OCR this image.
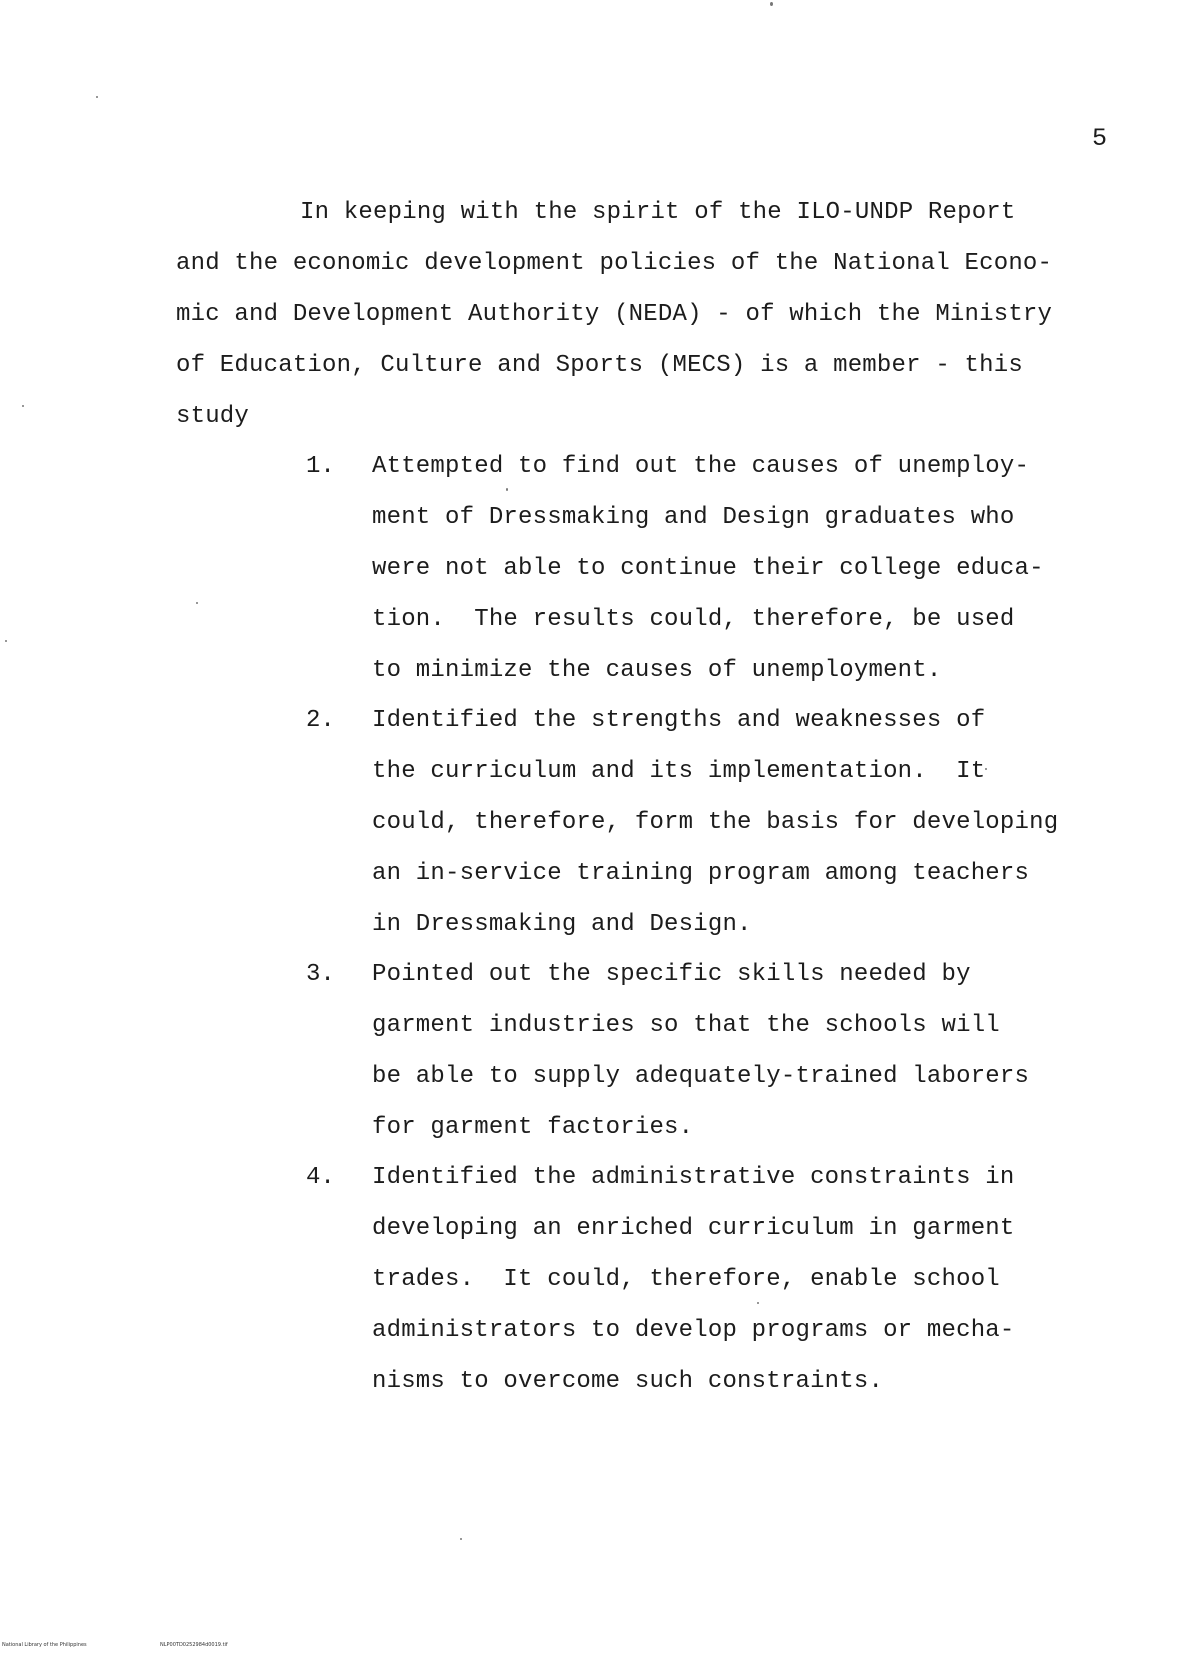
5
In keeping with the spirit of the ILO-UNDP Report
and the economic development policies of the National Econo-
mic and Development Authority (NEDA) - of which the Ministry
of Education, Culture and Sports (MECS) is a member - this
study
1. Attempted to find out the causes of unemploy-
ment of Dressmaking and Design graduates who
were not able to continue their college educa-
tion.  The results could, therefore, be used
to minimize the causes of unemployment.
2. Identified the strengths and weaknesses of
the curriculum and its implementation.  It
could, therefore, form the basis for developing
an in-service training program among teachers
in Dressmaking and Design.
3. Pointed out the specific skills needed by
garment industries so that the schools will
be able to supply adequately-trained laborers
for garment factories.
4. Identified the administrative constraints in
developing an enriched curriculum in garment
trades.  It could, therefore, enable school
administrators to develop programs or mecha-
nisms to overcome such constraints.
National Library of the Philippines	NLP00TD0252984d0019.tif
